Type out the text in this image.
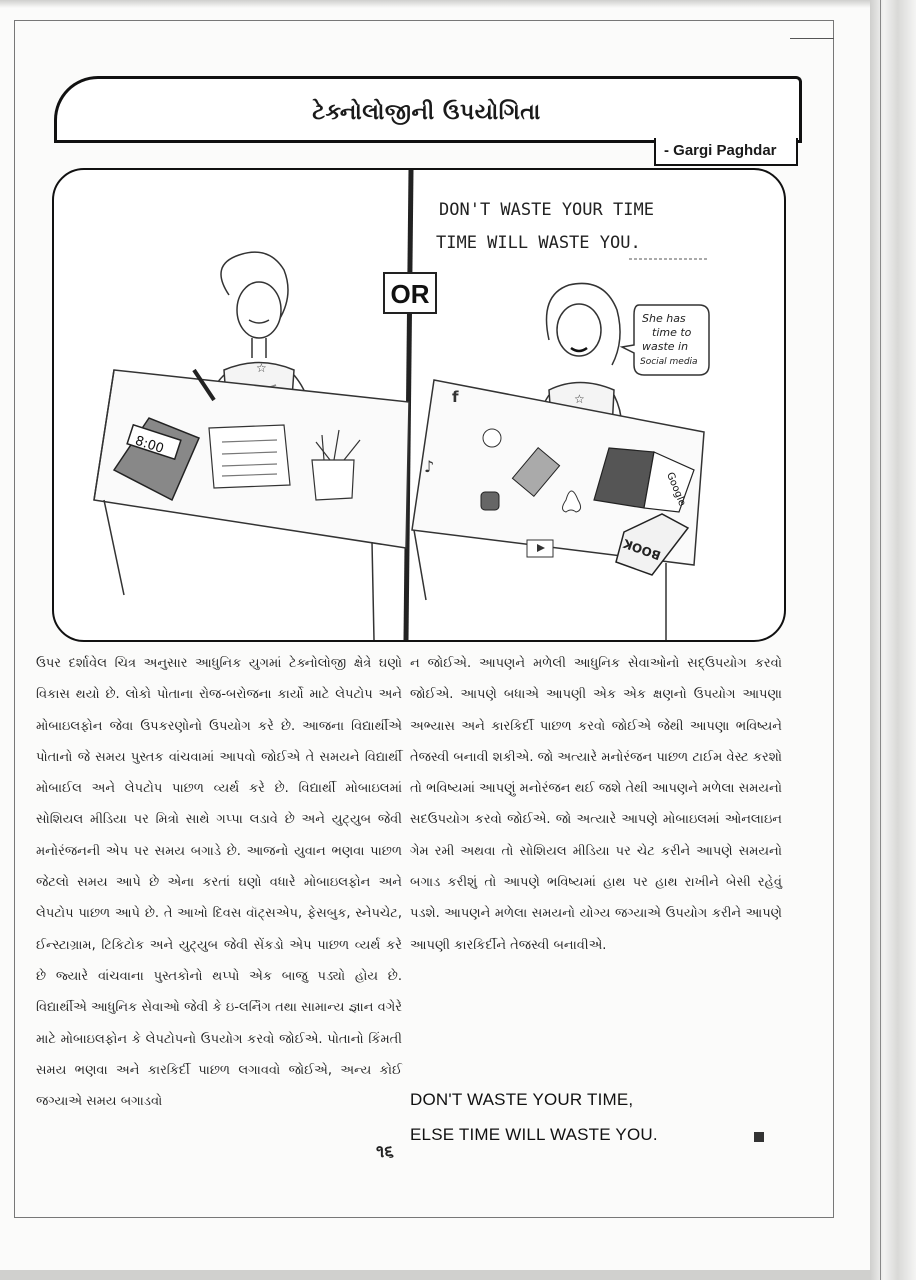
ટેક્નોલોજીની ઉપયોગિતા
- Gargi Paghdar
OR
DON'T WASTE YOUR TIME
TIME WILL WASTE YOU.
☆
8:00
☆
She has
time to
waste in
Social media
f
♪
Google
BOOK
ઉપર દર્શાવેલ ચિત્ર અનુસાર આધુનિક યુગમાં ટેક્નોલોજી ક્ષેત્રે ઘણો વિકાસ થયો છે. લોકો પોતાના રોજ-બરોજના કાર્યો માટે લેપટોપ અને મોબાઇલફોન જેવા ઉપકરણોનો ઉપયોગ કરે છે. આજના વિદ્યાર્થીએ પોતાનો જે સમય પુસ્તક વાંચવામાં આપવો જોઈએ તે સમયને વિદ્યાર્થી મોબાઈલ અને લેપટોપ પાછળ વ્યર્થ કરે છે. વિદ્યાર્થી મોબાઇલમાં સોશિયલ મીડિયા પર મિત્રો સાથે ગપ્પા લડાવે છે અને યુટ્યુબ જેવી મનોરંજનની એપ પર સમય બગાડે છે. આજનો યુવાન ભણવા પાછળ જેટલો સમય આપે છે એના કરતાં ઘણો વધારે મોબાઇલફોન અને લેપટોપ પાછળ આપે છે. તે આખો દિવસ વૉટ્સએપ, ફેસબુક, સ્નેપચેટ, ઈન્સ્ટાગ્રામ, ટિકિટોક અને યુટ્યુબ જેવી સેંકડો એપ પાછળ વ્યર્થ કરે છે જ્યારે વાંચવાના પુસ્તકોનો થપ્પો એક બાજુ પડ્યો હોય છે. વિદ્યાર્થીએ આધુનિક સેવાઓ જેવી કે ઇ-લર્નિંગ તથા સામાન્ય જ્ઞાન વગેરે માટે મોબાઇલફોન કે લેપટોપનો ઉપયોગ કરવો જોઈએ. પોતાનો કિંમતી સમય ભણવા અને કારકિર્દી પાછળ લગાવવો જોઈએ, અન્ય કોઈ જગ્યાએ સમય બગાડવો
ન જોઈએ. આપણને મળેલી આધુનિક સેવાઓનો સદ્ઉપયોગ કરવો જોઈએ. આપણે બધાએ આપણી એક એક ક્ષણનો ઉપયોગ આપણા અભ્યાસ અને કારકિર્દી પાછળ કરવો જોઈએ જેથી આપણા ભવિષ્યને તેજસ્વી બનાવી શકીએ. જો અત્યારે મનોરંજન પાછળ ટાઈમ વેસ્ટ કરશો તો ભવિષ્યમાં આપણું મનોરંજન થઈ જશે તેથી આપણને મળેલા સમયનો સદઉપયોગ કરવો જોઈએ. જો અત્યારે આપણે મોબાઇલમાં ઓનલાઇન ગેમ રમી અથવા તો સોશિયલ મીડિયા પર ચેટ કરીને આપણે સમયનો બગાડ કરીશું તો આપણે ભવિષ્યમાં હાથ પર હાથ રાખીને બેસી રહેવું પડશે. આપણને મળેલા સમયનો યોગ્ય જગ્યાએ ઉપયોગ કરીને આપણે આપણી કારકિર્દીને તેજસ્વી બનાવીએ.
DON'T WASTE YOUR TIME,
ELSE TIME WILL WASTE YOU.
૧૬
